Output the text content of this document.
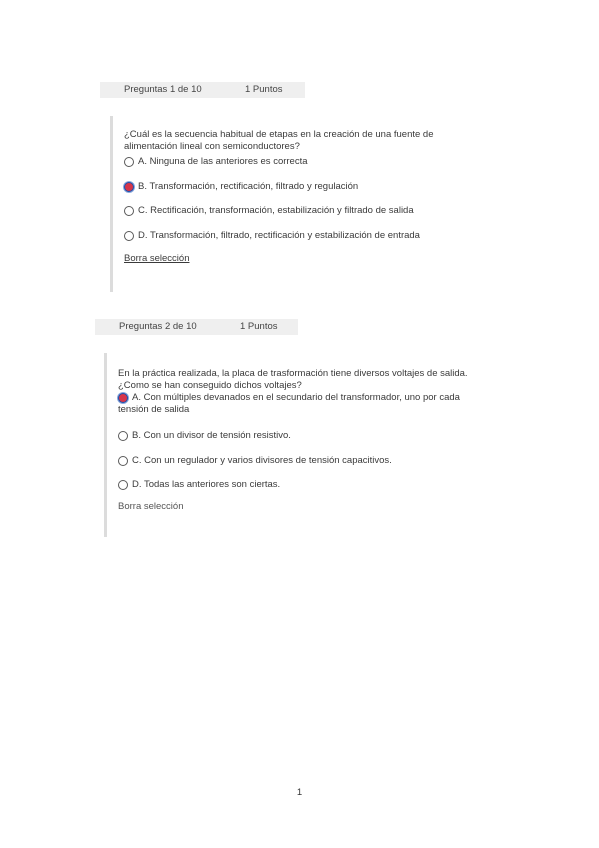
Preguntas 1 de 10	1 Puntos
¿Cuál es la secuencia habitual de etapas en la creación de una fuente de alimentación lineal con semiconductores?
A. Ninguna de las anteriores es correcta
B. Transformación, rectificación, filtrado y regulación
C. Rectificación, transformación, estabilización y filtrado de salida
D. Transformación, filtrado, rectificación y estabilización de entrada
Borra selección
Preguntas 2 de 10	1 Puntos
En la práctica realizada, la placa de trasformación tiene diversos voltajes de salida. ¿Como se han conseguido dichos voltajes?
A. Con múltiples devanados en el secundario del transformador, uno por cada tensión de salida
B. Con un divisor de tensión resistivo.
C. Con un regulador y varios divisores de tensión capacitivos.
D. Todas las anteriores son ciertas.
Borra selección
1
